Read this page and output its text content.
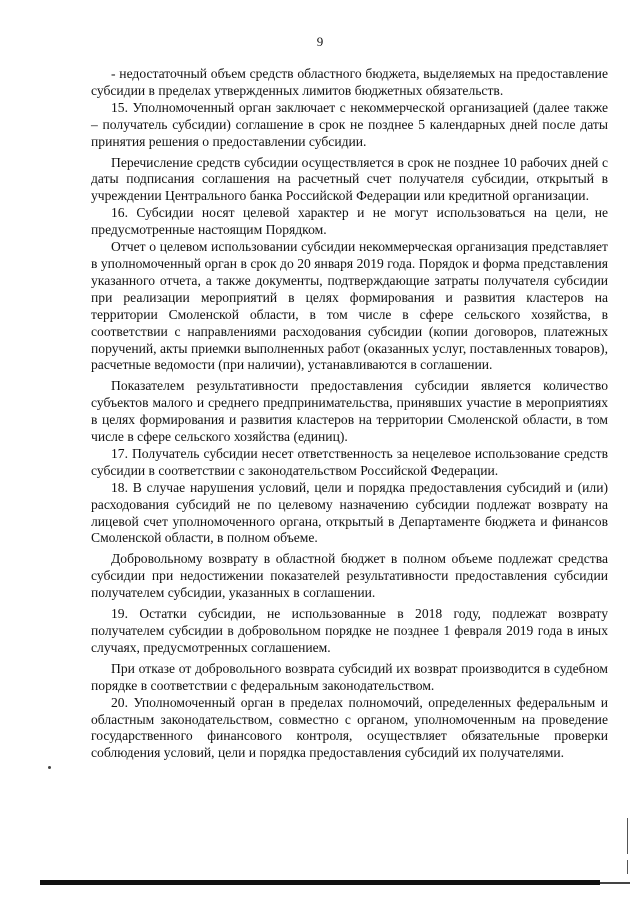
9

- недостаточный объем средств областного бюджета, выделяемых на предоставление субсидии в пределах утвержденных лимитов бюджетных обязательств.

15. Уполномоченный орган заключает с некоммерческой организацией (далее также – получатель субсидии) соглашение в срок не позднее 5 календарных дней после даты принятия решения о предоставлении субсидии.

Перечисление средств субсидии осуществляется в срок не позднее 10 рабочих дней с даты подписания соглашения на расчетный счет получателя субсидии, открытый в учреждении Центрального банка Российской Федерации или кредитной организации.

16. Субсидии носят целевой характер и не могут использоваться на цели, не предусмотренные настоящим Порядком.

Отчет о целевом использовании субсидии некоммерческая организация представляет в уполномоченный орган в срок до 20 января 2019 года. Порядок и форма представления указанного отчета, а также документы, подтверждающие затраты получателя субсидии при реализации мероприятий в целях формирования и развития кластеров на территории Смоленской области, в том числе в сфере сельского хозяйства, в соответствии с направлениями расходования субсидии (копии договоров, платежных поручений, акты приемки выполненных работ (оказанных услуг, поставленных товаров), расчетные ведомости (при наличии), устанавливаются в соглашении.

Показателем результативности предоставления субсидии является количество субъектов малого и среднего предпринимательства, принявших участие в мероприятиях в целях формирования и развития кластеров на территории Смоленской области, в том числе в сфере сельского хозяйства (единиц).

17. Получатель субсидии несет ответственность за нецелевое использование средств субсидии в соответствии с законодательством Российской Федерации.

18. В случае нарушения условий, цели и порядка предоставления субсидий и (или) расходования субсидий не по целевому назначению субсидии подлежат возврату на лицевой счет уполномоченного органа, открытый в Департаменте бюджета и финансов Смоленской области, в полном объеме.

Добровольному возврату в областной бюджет в полном объеме подлежат средства субсидии при недостижении показателей результативности предоставления субсидии получателем субсидии, указанных в соглашении.

19. Остатки субсидии, не использованные в 2018 году, подлежат возврату получателем субсидии в добровольном порядке не позднее 1 февраля 2019 года в иных случаях, предусмотренных соглашением.

При отказе от добровольного возврата субсидий их возврат производится в судебном порядке в соответствии с федеральным законодательством.

20. Уполномоченный орган в пределах полномочий, определенных федеральным и областным законодательством, совместно с органом, уполномоченным на проведение государственного финансового контроля, осуществляет обязательные проверки соблюдения условий, цели и порядка предоставления субсидий их получателями.
